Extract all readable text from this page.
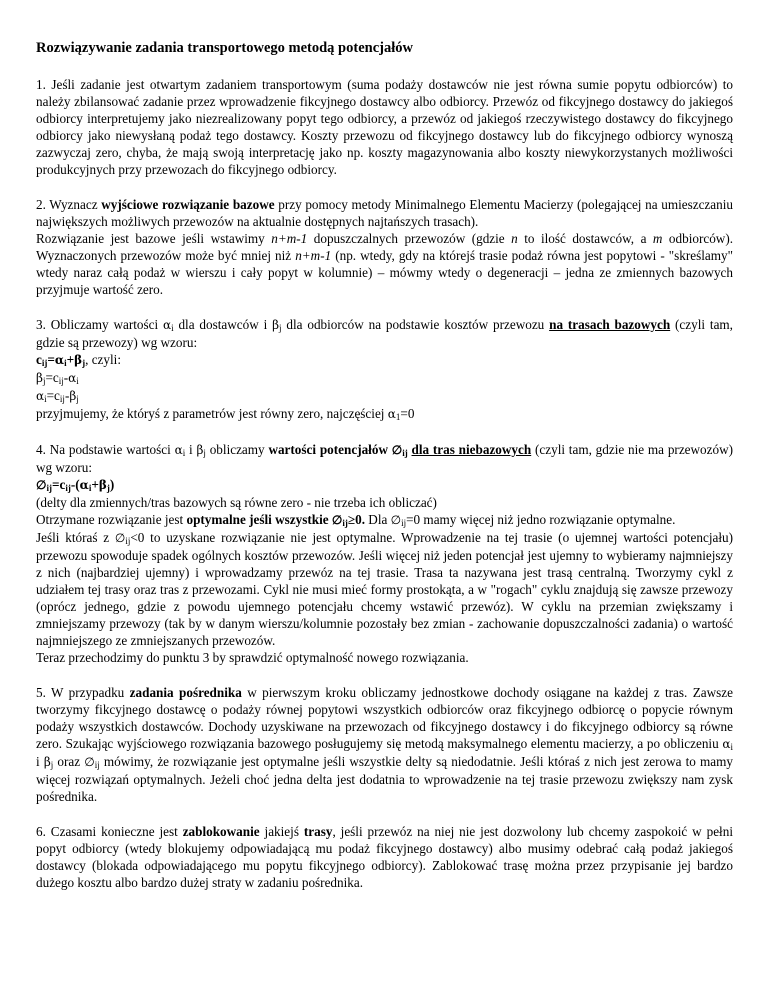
Rozwiązywanie zadania transportowego metodą potencjałów
1. Jeśli zadanie jest otwartym zadaniem transportowym (suma podaży dostawców nie jest równa sumie popytu odbiorców) to należy zbilansować zadanie przez wprowadzenie fikcyjnego dostawcy albo odbiorcy. Przewóz od fikcyjnego dostawcy do jakiegoś odbiorcy interpretujemy jako niezrealizowany popyt tego odbiorcy, a przewóz od jakiegoś rzeczywistego dostawcy do fikcyjnego odbiorcy jako niewysłaną podaż tego dostawcy. Koszty przewozu od fikcyjnego dostawcy lub do fikcyjnego odbiorcy wynoszą zazwyczaj zero, chyba, że mają swoją interpretację jako np. koszty magazynowania albo koszty niewykorzystanych możliwości produkcyjnych przy przewozach do fikcyjnego odbiorcy.
2. Wyznacz wyjściowe rozwiązanie bazowe przy pomocy metody Minimalnego Elementu Macierzy (polegającej na umieszczaniu największych możliwych przewozów na aktualnie dostępnych najtańszych trasach).
Rozwiązanie jest bazowe jeśli wstawimy n+m-1 dopuszczalnych przewozów (gdzie n to ilość dostawców, a m odbiorców). Wyznaczonych przewozów może być mniej niż n+m-1 (np. wtedy, gdy na którejś trasie podaż równa jest popytowi - "skreślamy" wtedy naraz całą podaż w wierszu i cały popyt w kolumnie) – mówmy wtedy o degeneracji – jedna ze zmiennych bazowych przyjmuje wartość zero.
3. Obliczamy wartości $\alpha_i$ dla dostawców i $\beta_j$ dla odbiorców na podstawie kosztów przewozu na trasach bazowych (czyli tam, gdzie są przewozy) wg wzoru:
$c_{ij}=\alpha_i+\beta_j$, czyli:
$\beta_j=c_{ij}-\alpha_i$
$\alpha_i=c_{ij}-\beta_j$
przyjmujemy, że któryś z parametrów jest równy zero, najczęściej $\alpha_1=0$
4. Na podstawie wartości $\alpha_i$ i $\beta_j$ obliczamy wartości potencjałów $\emptyset_{ij}$ dla tras niebazowych (czyli tam, gdzie nie ma przewozów) wg wzoru:
$\emptyset_{ij}=c_{ij}-(\alpha_i+\beta_j)$
(delty dla zmiennych/tras bazowych są równe zero - nie trzeba ich obliczać)
Otrzymane rozwiązanie jest optymalne jeśli wszystkie $\emptyset_{ij}\ge 0$. Dla $\emptyset_{ij}=0$ mamy więcej niż jedno rozwiązanie optymalne.
Jeśli któraś z $\emptyset_{ij}<0$ to uzyskane rozwiązanie nie jest optymalne. Wprowadzenie na tej trasie (o ujemnej wartości potencjału) przewozu spowoduje spadek ogólnych kosztów przewozów. Jeśli więcej niż jeden potencjał jest ujemny to wybieramy najmniejszy z nich (najbardziej ujemny) i wprowadzamy przewóz na tej trasie. Trasa ta nazywana jest trasą centralną. Tworzymy cykl z udziałem tej trasy oraz tras z przewozami. Cykl nie musi mieć formy prostokąta, a w "rogach" cyklu znajdują się zawsze przewozy (oprócz jednego, gdzie z powodu ujemnego potencjału chcemy wstawić przewóz). W cyklu na przemian zwiększamy i zmniejszamy przewozy (tak by w danym wierszu/kolumnie pozostały bez zmian - zachowanie dopuszczalności zadania) o wartość najmniejszego ze zmniejszanych przewozów.
Teraz przechodzimy do punktu 3 by sprawdzić optymalność nowego rozwiązania.
5. W przypadku zadania pośrednika w pierwszym kroku obliczamy jednostkowe dochody osiągane na każdej z tras. Zawsze tworzymy fikcyjnego dostawcę o podaży równej popytowi wszystkich odbiorców oraz fikcyjnego odbiorcę o popycie równym podaży wszystkich dostawców. Dochody uzyskiwane na przewozach od fikcyjnego dostawcy i do fikcyjnego odbiorcy są równe zero. Szukając wyjściowego rozwiązania bazowego posługujemy się metodą maksymalnego elementu macierzy, a po obliczeniu $\alpha_i$ i $\beta_j$ oraz $\emptyset_{ij}$ mówimy, że rozwiązanie jest optymalne jeśli wszystkie delty są niedodatnie. Jeśli któraś z nich jest zerowa to mamy więcej rozwiązań optymalnych. Jeżeli choć jedna delta jest dodatnia to wprowadzenie na tej trasie przewozu zwiększy nam zysk pośrednika.
6. Czasami konieczne jest zablokowanie jakiejś trasy, jeśli przewóz na niej nie jest dozwolony lub chcemy zaspokoić w pełni popyt odbiorcy (wtedy blokujemy odpowiadającą mu podaż fikcyjnego dostawcy) albo musimy odebrać całą podaż jakiegoś dostawcy (blokada odpowiadającego mu popytu fikcyjnego odbiorcy). Zablokować trasę można przez przypisanie jej bardzo dużego kosztu albo bardzo dużej straty w zadaniu pośrednika.
